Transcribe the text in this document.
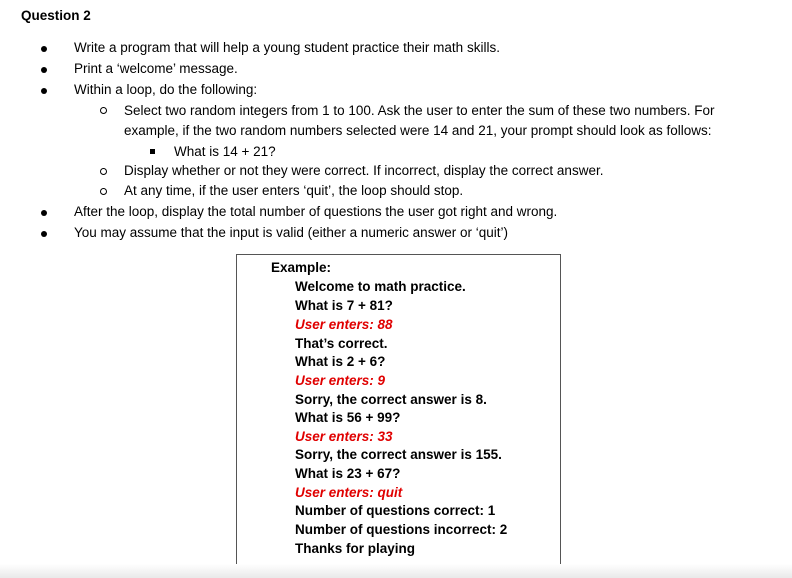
Question 2
Write a program that will help a young student practice their math skills.
Print a ‘welcome’ message.
Within a loop, do the following:
Select two random integers from 1 to 100. Ask the user to enter the sum of these two numbers. For
example, if the two random numbers selected were 14 and 21, your prompt should look as follows:
What is 14 + 21?
Display whether or not they were correct. If incorrect, display the correct answer.
At any time, if the user enters ‘quit’, the loop should stop.
After the loop, display the total number of questions the user got right and wrong.
You may assume that the input is valid (either a numeric answer or ‘quit’)
Example:
Welcome to math practice.
What is 7 + 81?
User enters: 88
That’s correct.
What is 2 + 6?
User enters: 9
Sorry, the correct answer is 8.
What is 56 + 99?
User enters: 33
Sorry, the correct answer is 155.
What is 23 + 67?
User enters: quit
Number of questions correct: 1
Number of questions incorrect: 2
Thanks for playing
